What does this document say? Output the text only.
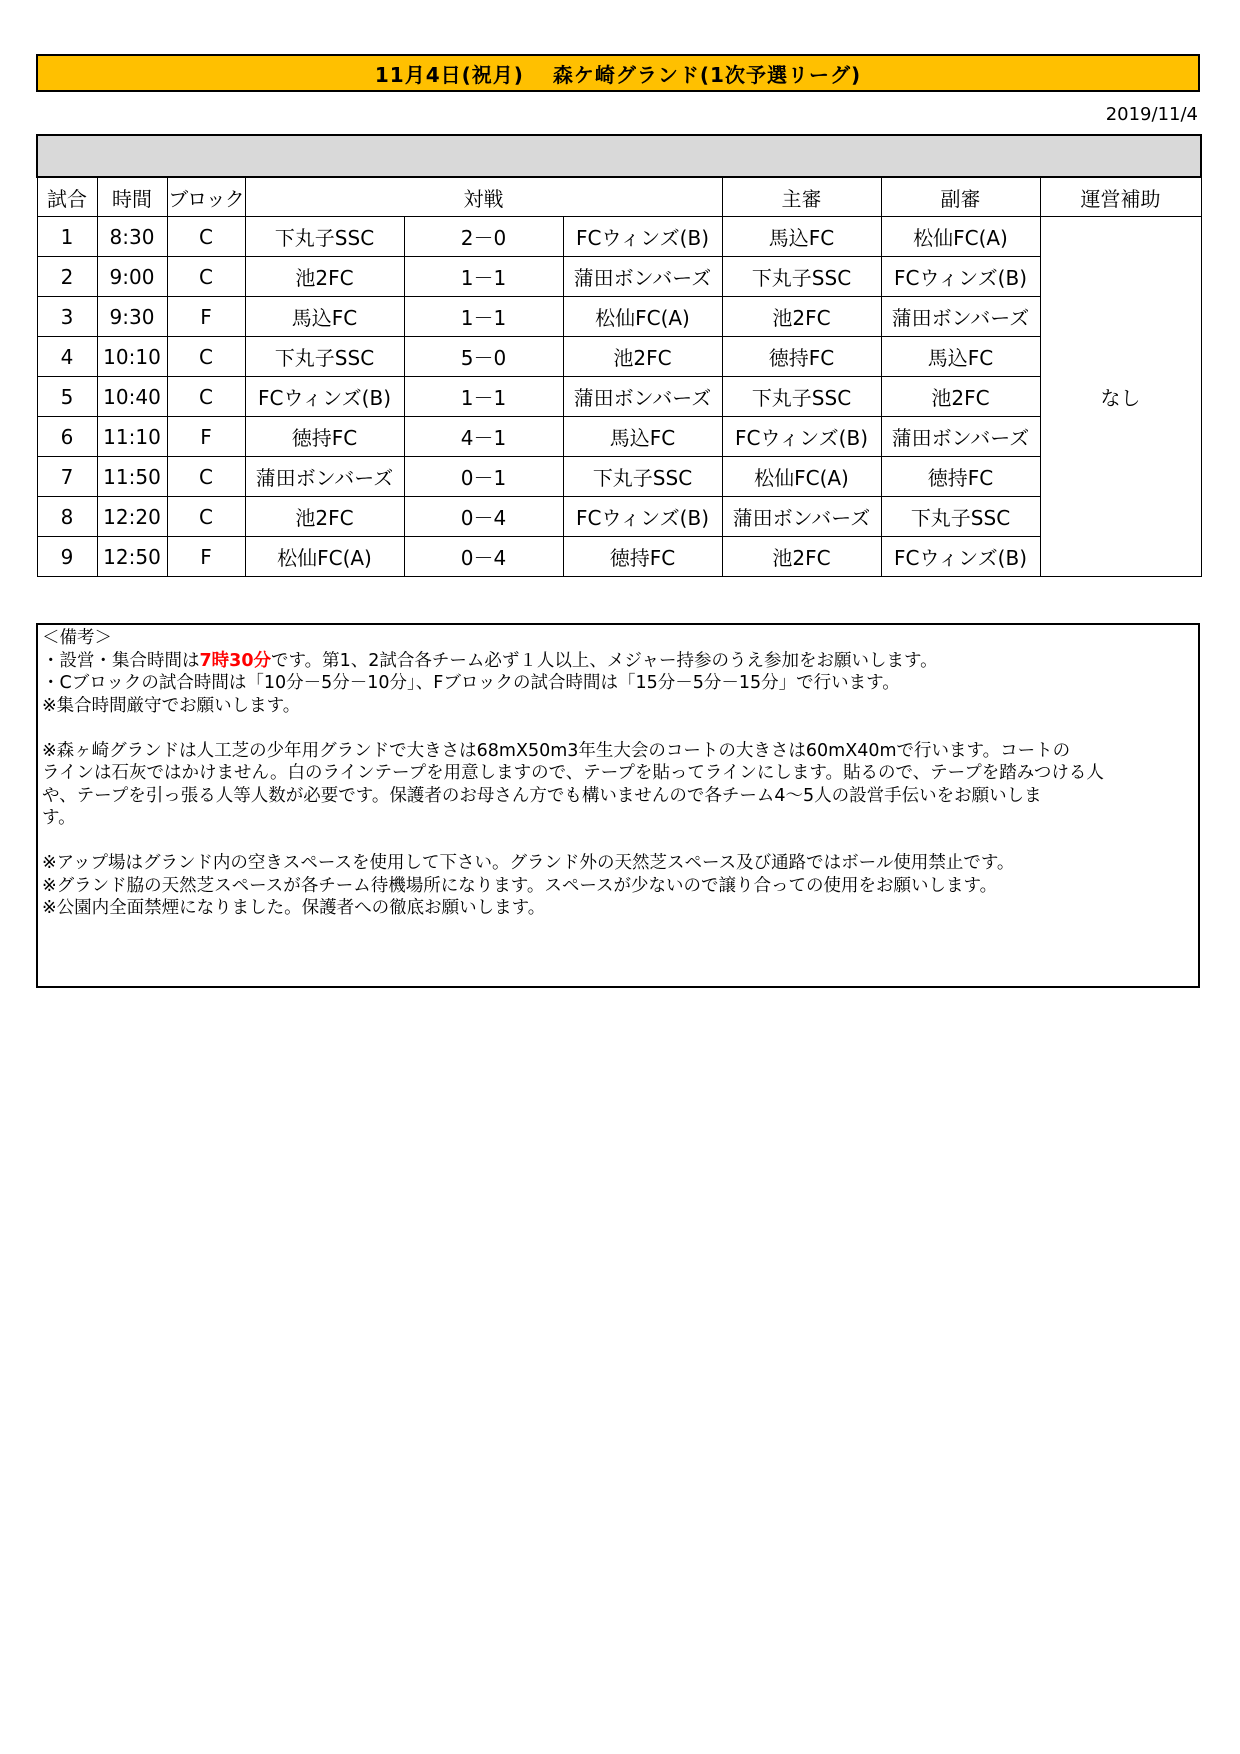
11月4日(祝月)　 森ケ崎グランド(1次予選リーグ)
2019/11/4

試合	時間	ブロック	対戦			主審	副審	運営補助
1	8:30	C	下丸子SSC	2－0	FCウィンズ(B)	馬込FC	松仙FC(A)	なし
2	9:00	C	池2FC	1－1	蒲田ボンバーズ	下丸子SSC	FCウィンズ(B)	
3	9:30	F	馬込FC	1－1	松仙FC(A)	池2FC	蒲田ボンバーズ	
4	10:10	C	下丸子SSC	5－0	池2FC	徳持FC	馬込FC	
5	10:40	C	FCウィンズ(B)	1－1	蒲田ボンバーズ	下丸子SSC	池2FC	
6	11:10	F	徳持FC	4－1	馬込FC	FCウィンズ(B)	蒲田ボンバーズ	
7	11:50	C	蒲田ボンバーズ	0－1	下丸子SSC	松仙FC(A)	徳持FC	
8	12:20	C	池2FC	0－4	FCウィンズ(B)	蒲田ボンバーズ	下丸子SSC	
9	12:50	F	松仙FC(A)	0－4	徳持FC	池2FC	FCウィンズ(B)	

＜備考＞

・設営・集合時間は7時30分です。第1、2試合各チーム必ず１人以上、メジャー持参のうえ参加をお願いします。

・Cブロックの試合時間は「10分－5分－10分」、Fブロックの試合時間は「15分－5分－15分」で行います。

※集合時間厳守でお願いします。

※森ヶ崎グランドは人工芝の少年用グランドで大きさは68mX50m3年生大会のコートの大きさは60mX40mで行います。コートの

ラインは石灰ではかけません。白のラインテープを用意しますので、テープを貼ってラインにします。貼るので、テープを踏みつける人

や、テープを引っ張る人等人数が必要です。保護者のお母さん方でも構いませんので各チーム4～5人の設営手伝いをお願いしま

す。

※アップ場はグランド内の空きスペースを使用して下さい。グランド外の天然芝スペース及び通路ではボール使用禁止です。

※グランド脇の天然芝スペースが各チーム待機場所になります。スペースが少ないので譲り合っての使用をお願いします。

※公園内全面禁煙になりました。保護者への徹底お願いします。
